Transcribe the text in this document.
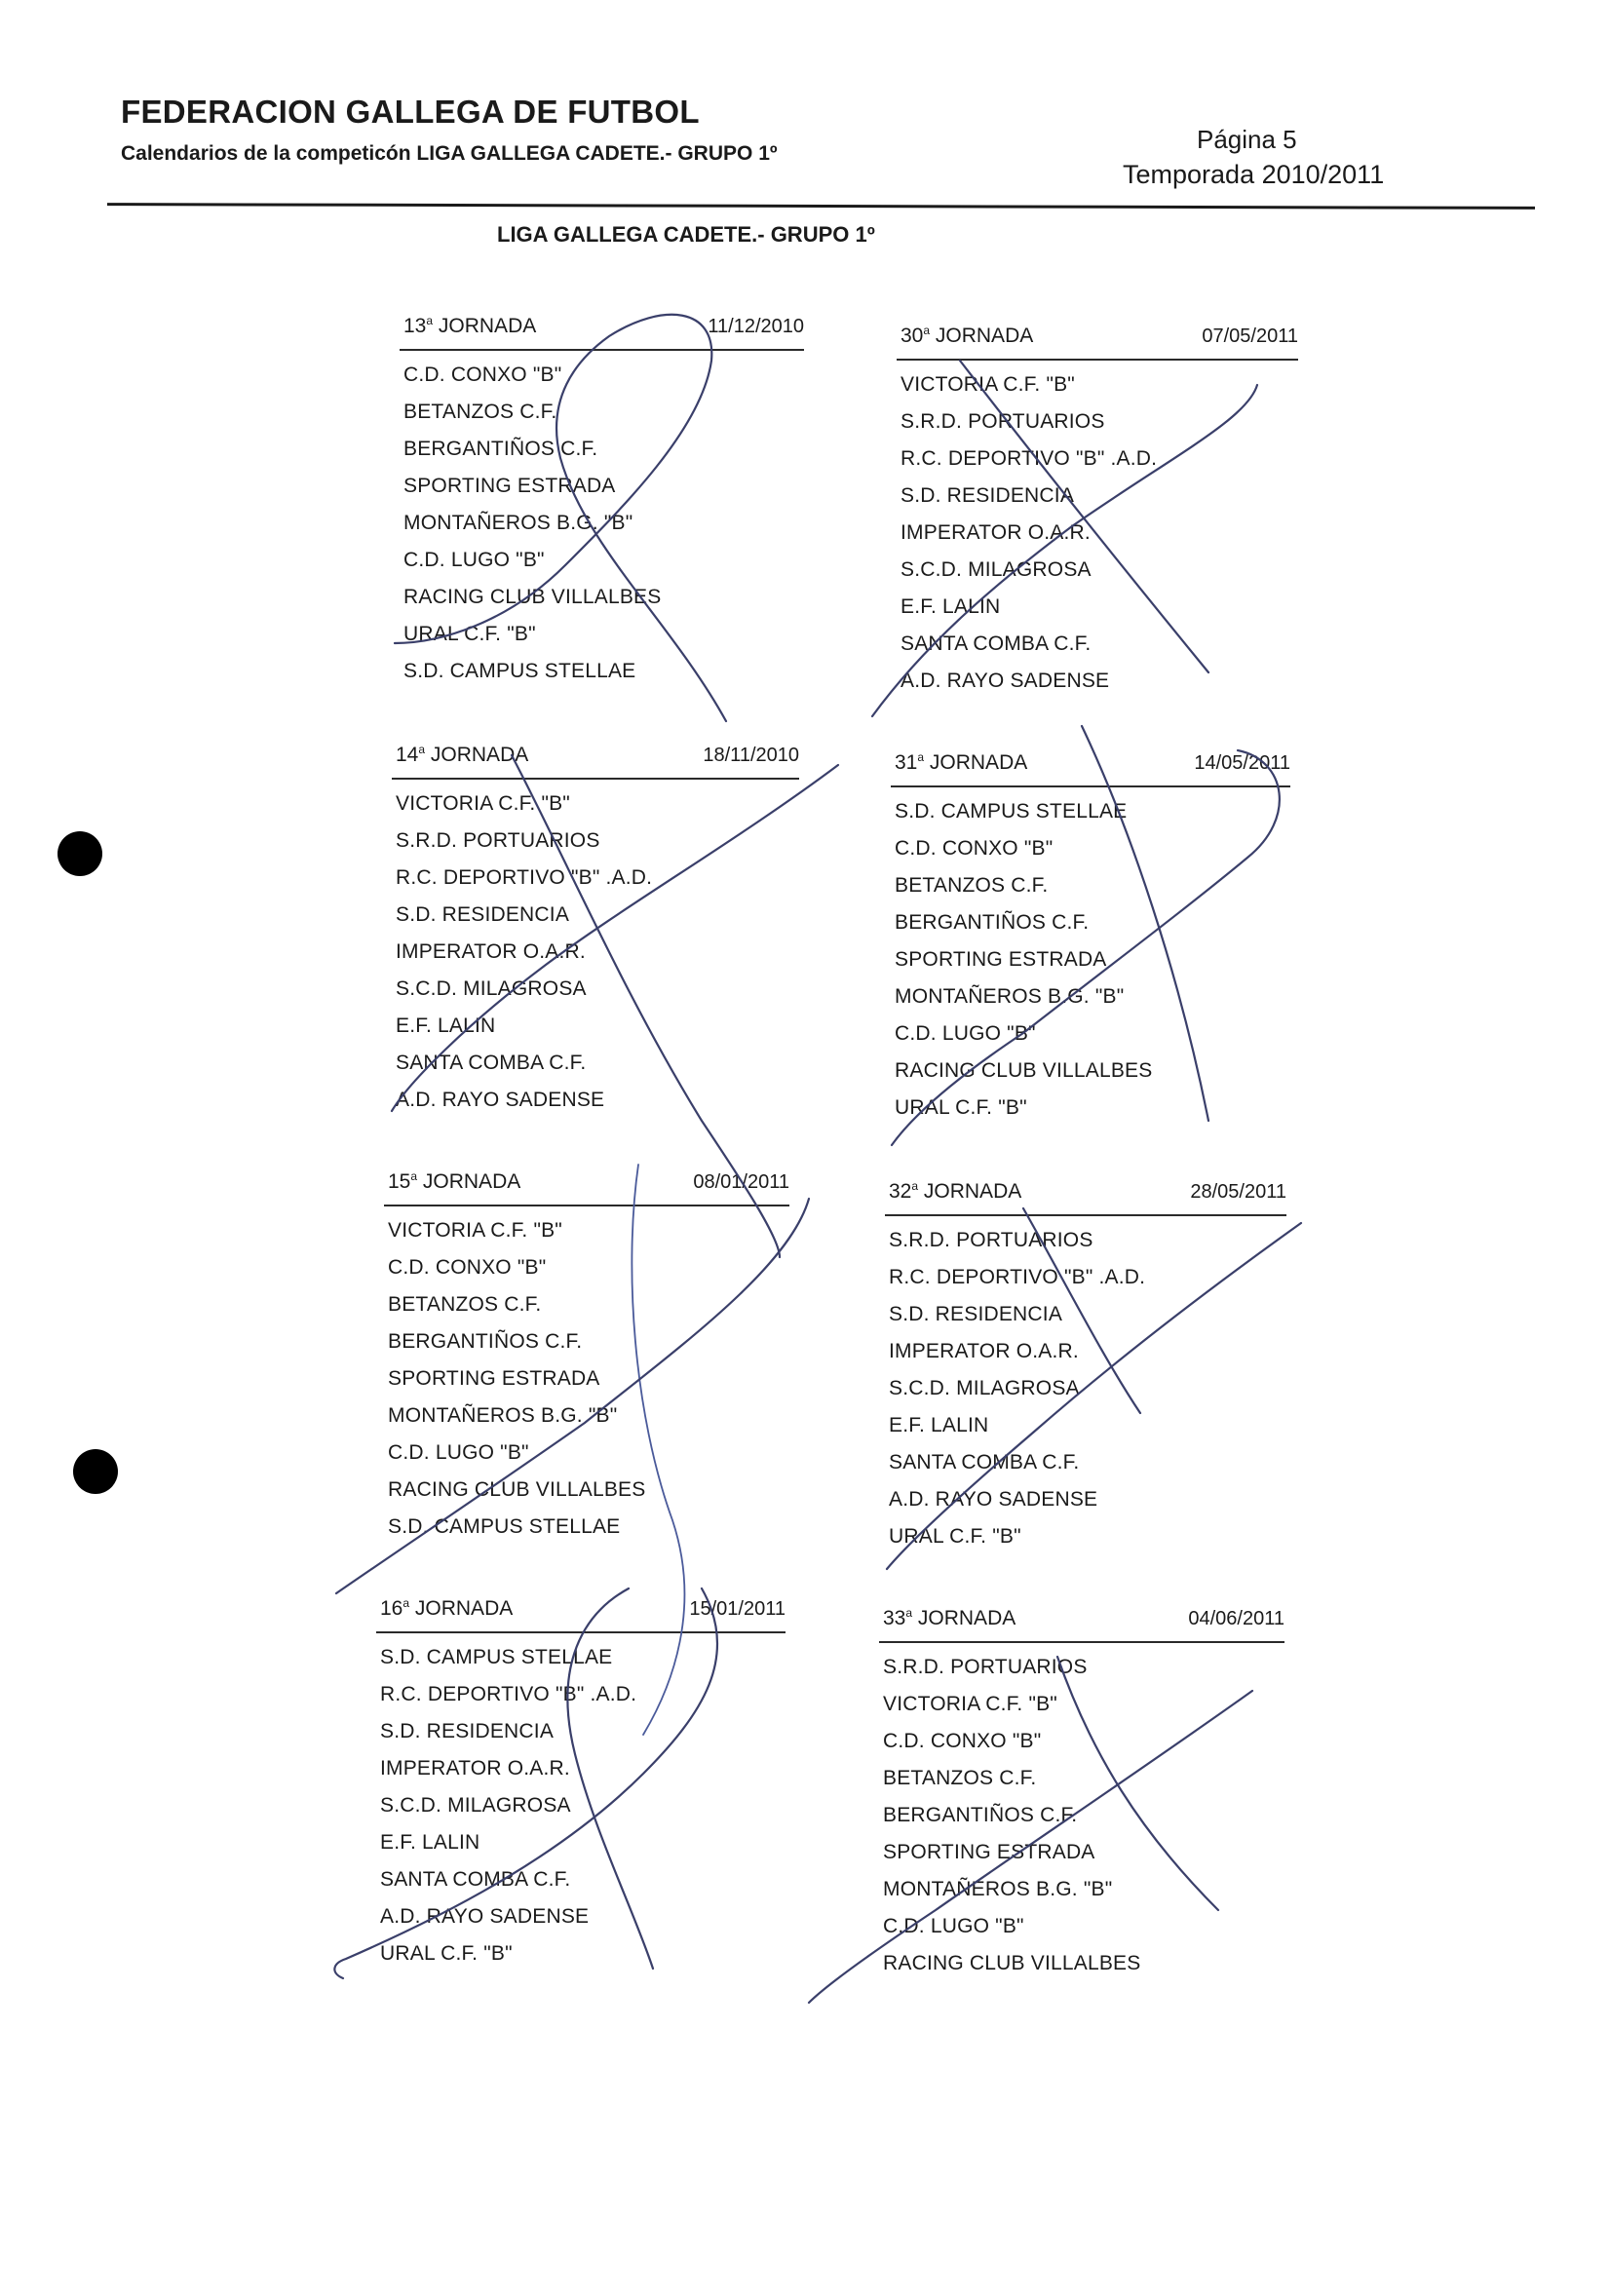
FEDERACION GALLEGA DE FUTBOL
Calendarios de la competicón LIGA GALLEGA CADETE.- GRUPO 1º	Página 5
Temporada 2010/2011
LIGA GALLEGA CADETE.- GRUPO 1º
13$^a$ JORNADA	11/12/2010
C.D. CONXO "B"
BETANZOS C.F.
BERGANTIÑOS C.F.
SPORTING ESTRADA
MONTAÑEROS B.G. "B"
C.D. LUGO "B"
RACING CLUB VILLALBES
URAL C.F. "B"
S.D. CAMPUS STELLAE
30$^a$ JORNADA	07/05/2011
VICTORIA C.F. "B"
S.R.D. PORTUARIOS
R.C. DEPORTIVO "B" .A.D.
S.D. RESIDENCIA
IMPERATOR O.A.R.
S.C.D. MILAGROSA
E.F. LALIN
SANTA COMBA C.F.
A.D. RAYO SADENSE
14$^a$ JORNADA	18/11/2010
VICTORIA C.F. "B"
S.R.D. PORTUARIOS
R.C. DEPORTIVO "B" .A.D.
S.D. RESIDENCIA
IMPERATOR O.A.R.
S.C.D. MILAGROSA
E.F. LALIN
SANTA COMBA C.F.
A.D. RAYO SADENSE
31$^a$ JORNADA	14/05/2011
S.D. CAMPUS STELLAE
C.D. CONXO "B"
BETANZOS C.F.
BERGANTIÑOS C.F.
SPORTING ESTRADA
MONTAÑEROS B.G. "B"
C.D. LUGO "B"
RACING CLUB VILLALBES
URAL C.F. "B"
15$^a$ JORNADA	08/01/2011
VICTORIA C.F. "B"
C.D. CONXO "B"
BETANZOS C.F.
BERGANTIÑOS C.F.
SPORTING ESTRADA
MONTAÑEROS B.G. "B"
C.D. LUGO "B"
RACING CLUB VILLALBES
S.D. CAMPUS STELLAE
32$^a$ JORNADA	28/05/2011
S.R.D. PORTUARIOS
R.C. DEPORTIVO "B" .A.D.
S.D. RESIDENCIA
IMPERATOR O.A.R.
S.C.D. MILAGROSA
E.F. LALIN
SANTA COMBA C.F.
A.D. RAYO SADENSE
URAL C.F. "B"
16$^a$ JORNADA	15/01/2011
S.D. CAMPUS STELLAE
R.C. DEPORTIVO "B" .A.D.
S.D. RESIDENCIA
IMPERATOR O.A.R.
S.C.D. MILAGROSA
E.F. LALIN
SANTA COMBA C.F.
A.D. RAYO SADENSE
URAL C.F. "B"
33$^a$ JORNADA	04/06/2011
S.R.D. PORTUARIOS
VICTORIA C.F. "B"
C.D. CONXO "B"
BETANZOS C.F.
BERGANTIÑOS C.F.
SPORTING ESTRADA
MONTAÑEROS B.G. "B"
C.D. LUGO "B"
RACING CLUB VILLALBES
